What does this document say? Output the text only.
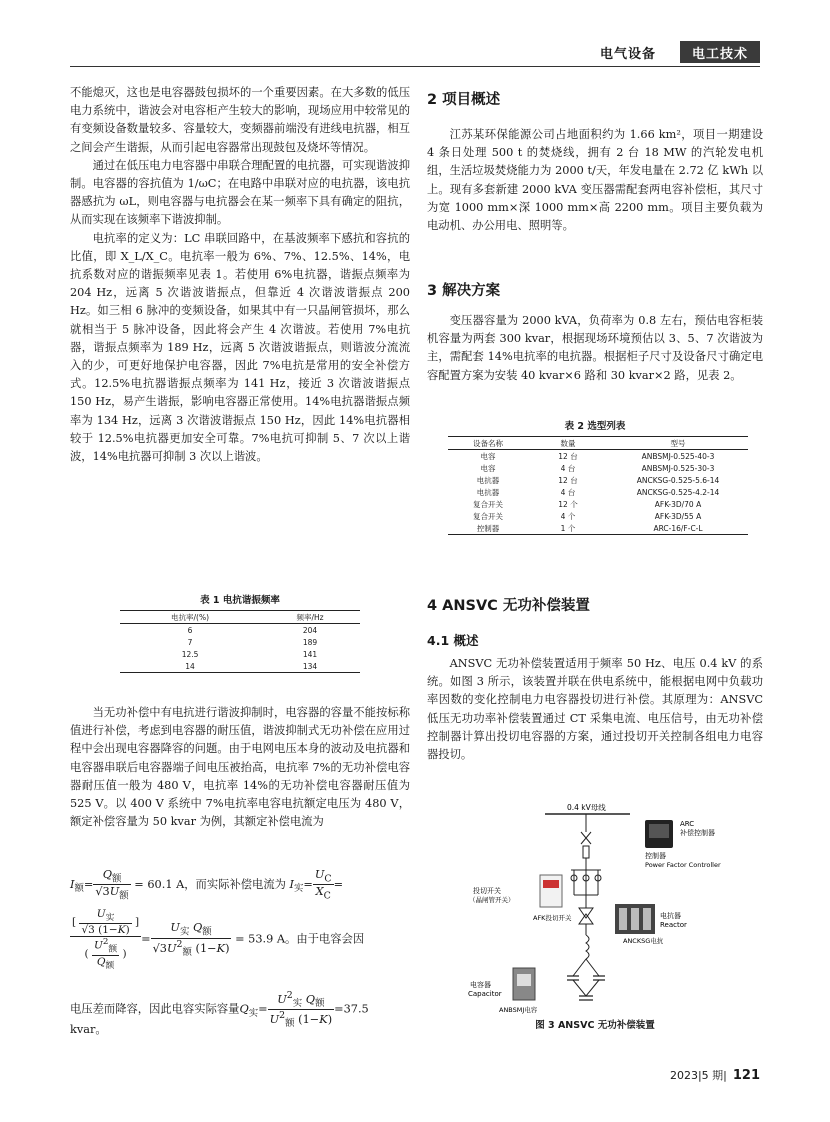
电气设备	电工技术

不能熄灭，这也是电容器鼓包损坏的一个重要因素。在大多数的低压电力系统中，谐波会对电容柜产生较大的影响，现场应用中较常见的有变频设备数量较多、容量较大，变频器前端没有进线电抗器，相互之间会产生谐振，从而引起电容器常出现鼓包及烧坏等情况。

通过在低压电力电容器中串联合理配置的电抗器，可实现谐波抑制。电容器的容抗值为 1/ωC；在电路中串联对应的电抗器，该电抗器感抗为 ωL，则电容器与电抗器会在某一频率下具有确定的阻抗，从而实现在该频率下谐波抑制。

电抗率的定义为：LC 串联回路中，在基波频率下感抗和容抗的比值，即 X_L/X_C。电抗率一般为 6%、7%、12.5%、14%，电抗系数对应的谐振频率见表 1。若使用 6%电抗器，谐振点频率为 204 Hz，远离 5 次谐波谐振点，但靠近 4 次谐波谐振点 200 Hz。如三相 6 脉冲的变频设备，如果其中有一只晶闸管损坏，那么就相当于 5 脉冲设备，因此将会产生 4 次谐波。若使用 7%电抗器，谐振点频率为 189 Hz，远离 5 次谐波谐振点，则谐波分流流入的少，可更好地保护电容器，因此 7%电抗是常用的安全补偿方式。12.5%电抗器谐振点频率为 141 Hz，接近 3 次谐波谐振点 150 Hz，易产生谐振，影响电容器正常使用。14%电抗器谐振点频率为 134 Hz，远离 3 次谐波谐振点 150 Hz，因此 14%电抗器相较于 12.5%电抗器更加安全可靠。7%电抗可抑制 5、7 次以上谐波，14%电抗器可抑制 3 次以上谐波。

表 1 电抗谐振频率
电抗率/(%)	频率/Hz
6	204
7	189
12.5	141
14	134

当无功补偿中有电抗进行谐波抑制时，电容器的容量不能按标称值进行补偿，考虑到电容器的耐压值，谐波抑制式无功补偿在应用过程中会出现电容器降容的问题。由于电网电压本身的波动及电抗器和电容器串联后电容器端子间电压被抬高，电抗率 7%的无功补偿电容器耐压值一般为 480 V，电抗率 14%的无功补偿电容器耐压值为 525 V。以 400 V 系统中 7%电抗率电容电抗额定电压为 480 V，额定补偿容量为 50 kvar 为例，其额定补偿电流为

$I_额= \frac{Q_额}{√3U_额} = 60.1$ A，而实际补偿电流为 $I_实= \frac{U_C}{X_C}$ =
$\frac{[ \frac{U_实}{√3 (1-K)} ]}{( \frac{U^2_额}{Q_额} )} = \frac{U_实 Q_额}{√3U^2_额 (1-K)} = 53.9$ A。由于电容会因
电压差而降容，因此电容实际容量$Q_实= \frac{U^2_实 Q_额}{U^2_额 (1-K)} =37.5$
kvar。
2 项目概述

江苏某环保能源公司占地面积约为 1.66 km²，项目一期建设 4 条日处理 500 t 的焚烧线，拥有 2 台 18 MW 的汽轮发电机组，生活垃圾焚烧能力为 2000 t/天，年发电量在 2.72 亿 kWh 以上。现有多套新建 2000 kVA 变压器需配套两电容补偿柜，其尺寸为宽 1000 mm×深 1000 mm×高 2200 mm。项目主要负载为电动机、办公用电、照明等。

3 解决方案

变压器容量为 2000 kVA，负荷率为 0.8 左右，预估电容柜装机容量为两套 300 kvar，根据现场环境预估以 3、5、7 次谐波为主，需配套 14%电抗率的电抗器。根据柜子尺寸及设备尺寸确定电容配置方案为安装 40 kvar×6 路和 30 kvar×2 路，见表 2。

表 2 选型列表
设备名称	数量	型号
电容	12 台	ANBSMJ-0.525-40-3
电容	4 台	ANBSMJ-0.525-30-3
电抗器	12 台	ANCKSG-0.525-5.6-14
电抗器	4 台	ANCKSG-0.525-4.2-14
复合开关	12 个	AFK-3D/70 A
复合开关	4 个	AFK-3D/55 A
控制器	1 个	ARC-16/F-C-L
4 ANSVC 无功补偿装置
4.1 概述

ANSVC 无功补偿装置适用于频率 50 Hz、电压 0.4 kV 的系统。如图 3 所示，该装置并联在供电系统中，能根据电网中负载功率因数的变化控制电力电容器投切进行补偿。其原理为：ANSVC 低压无功功率补偿装置通过 CT 采集电流、电压信号，由无功补偿控制器计算出投切电容器的方案，通过投切开关控制各组电力电容器投切。

0.4 kV母线
ARC
补偿控制器
控制器
Power Factor Controller
投切开关
（晶闸管开关）
AFK投切开关	电抗器
Reactor
ANCKSG电抗
电容器
Capacitor
ANBSMJ电容
图 3 ANSVC 无功补偿装置
2023|5 期| 121
